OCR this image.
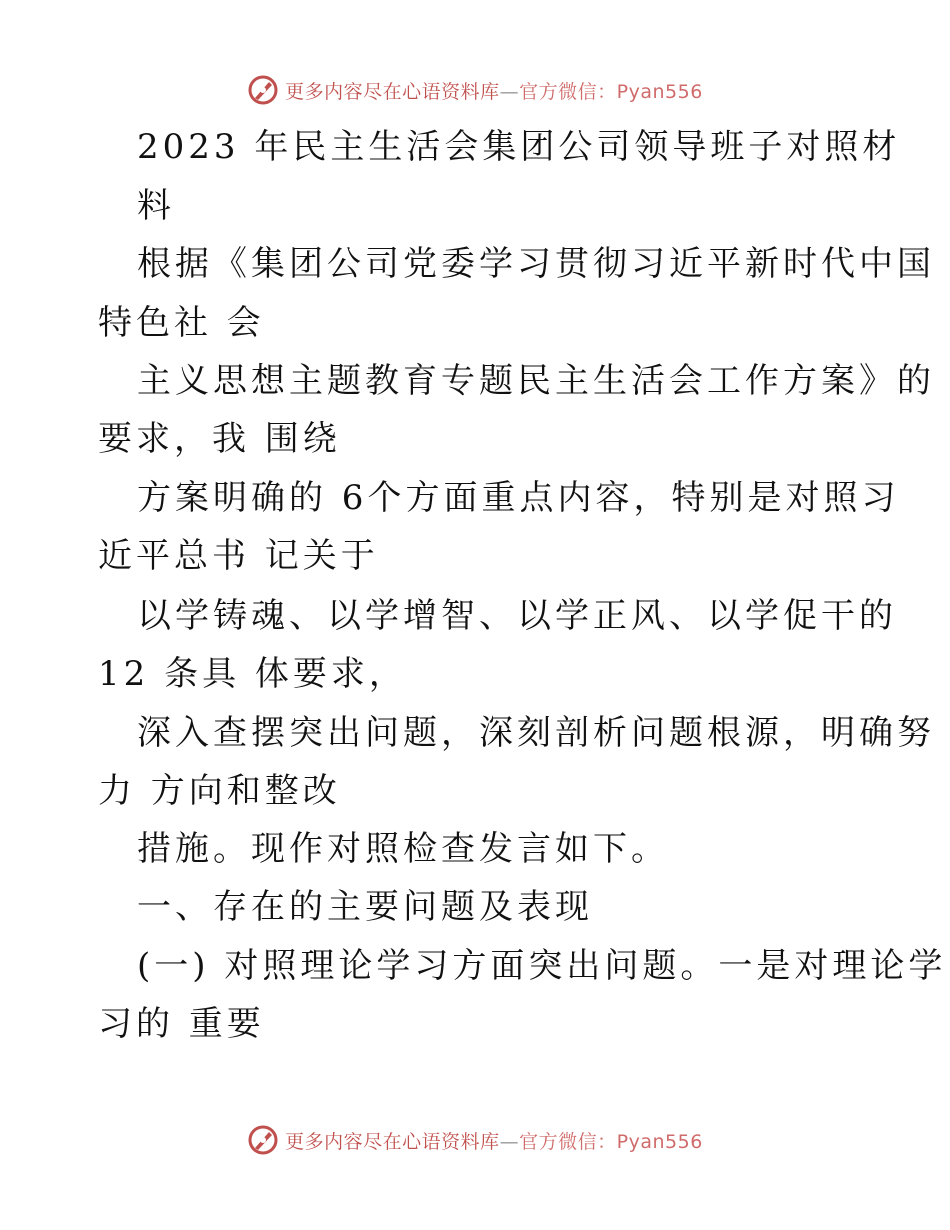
更多内容尽在心语资料库—官方微信：Pyan556
2023 年民主生活会集团公司领导班子对照材
料
根据《集团公司党委学习贯彻习近平新时代中国
特色社 会
主义思想主题教育专题民主生活会工作方案》的
要求，我 围绕
方案明确的 6个方面重点内容，特别是对照习
近平总书 记关于
以学铸魂、以学增智、以学正风、以学促干的
12 条具 体要求，
深入查摆突出问题，深刻剖析问题根源，明确努
力 方向和整改
措施。现作对照检查发言如下。
一、存在的主要问题及表现
(一) 对照理论学习方面突出问题。一是对理论学
习的 重要
更多内容尽在心语资料库—官方微信：Pyan556
